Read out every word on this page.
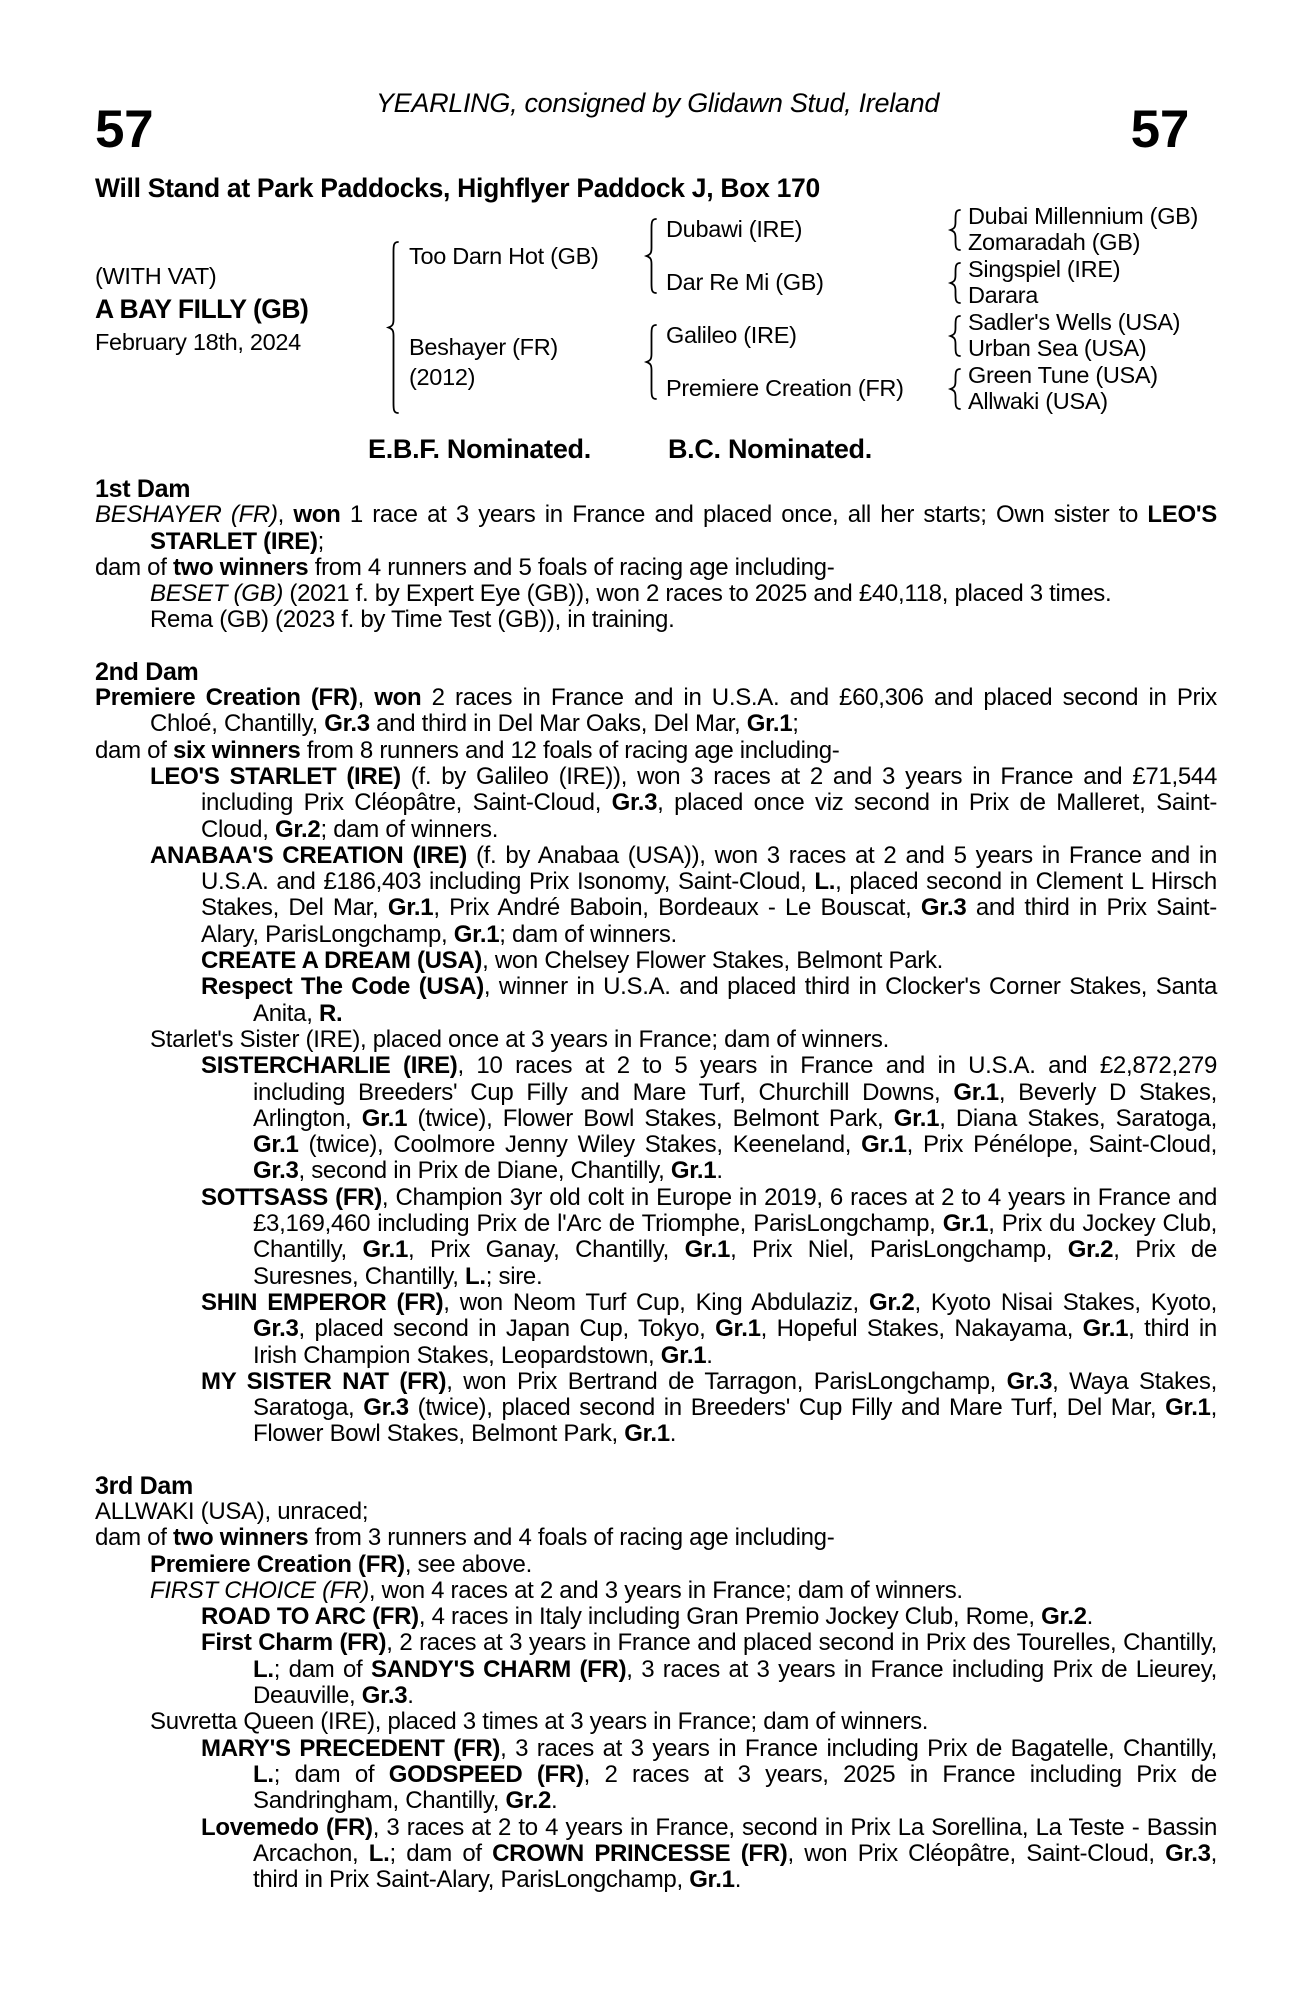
YEARLING, consigned by Glidawn Stud, Ireland
57	57
Will Stand at Park Paddocks, Highflyer Paddock J, Box 170
(WITH VAT)
A BAY FILLY (GB)
February 18th, 2024
Too Darn Hot (GB)
Beshayer (FR)
(2012)
Dubawi (IRE)
Dar Re Mi (GB)
Galileo (IRE)
Premiere Creation (FR)
Dubai Millennium (GB)
Zomaradah (GB)
Singspiel (IRE)
Darara
Sadler's Wells (USA)
Urban Sea (USA)
Green Tune (USA)
Allwaki (USA)
E.B.F. Nominated.	B.C. Nominated.
1st Dam
BESHAYER (FR), won 1 race at 3 years in France and placed once, all her starts; Own sister to LEO'S STARLET (IRE);
dam of two winners from 4 runners and 5 foals of racing age including-
BESET (GB) (2021 f. by Expert Eye (GB)), won 2 races to 2025 and £40,118, placed 3 times.
Rema (GB) (2023 f. by Time Test (GB)), in training.
2nd Dam
Premiere Creation (FR), won 2 races in France and in U.S.A. and £60,306 and placed second in Prix Chloé, Chantilly, Gr.3 and third in Del Mar Oaks, Del Mar, Gr.1;
dam of six winners from 8 runners and 12 foals of racing age including-
LEO'S STARLET (IRE) (f. by Galileo (IRE)), won 3 races at 2 and 3 years in France and £71,544 including Prix Cléopâtre, Saint-Cloud, Gr.3, placed once viz second in Prix de Malleret, Saint-Cloud, Gr.2; dam of winners.
ANABAA'S CREATION (IRE) (f. by Anabaa (USA)), won 3 races at 2 and 5 years in France and in U.S.A. and £186,403 including Prix Isonomy, Saint-Cloud, L., placed second in Clement L Hirsch Stakes, Del Mar, Gr.1, Prix André Baboin, Bordeaux - Le Bouscat, Gr.3 and third in Prix Saint-Alary, ParisLongchamp, Gr.1; dam of winners.
CREATE A DREAM (USA), won Chelsey Flower Stakes, Belmont Park.
Respect The Code (USA), winner in U.S.A. and placed third in Clocker's Corner Stakes, Santa Anita, R.
Starlet's Sister (IRE), placed once at 3 years in France; dam of winners.
SISTERCHARLIE (IRE), 10 races at 2 to 5 years in France and in U.S.A. and £2,872,279 including Breeders' Cup Filly and Mare Turf, Churchill Downs, Gr.1, Beverly D Stakes, Arlington, Gr.1 (twice), Flower Bowl Stakes, Belmont Park, Gr.1, Diana Stakes, Saratoga, Gr.1 (twice), Coolmore Jenny Wiley Stakes, Keeneland, Gr.1, Prix Pénélope, Saint-Cloud, Gr.3, second in Prix de Diane, Chantilly, Gr.1.
SOTTSASS (FR), Champion 3yr old colt in Europe in 2019, 6 races at 2 to 4 years in France and £3,169,460 including Prix de l'Arc de Triomphe, ParisLongchamp, Gr.1, Prix du Jockey Club, Chantilly, Gr.1, Prix Ganay, Chantilly, Gr.1, Prix Niel, ParisLongchamp, Gr.2, Prix de Suresnes, Chantilly, L.; sire.
SHIN EMPEROR (FR), won Neom Turf Cup, King Abdulaziz, Gr.2, Kyoto Nisai Stakes, Kyoto, Gr.3, placed second in Japan Cup, Tokyo, Gr.1, Hopeful Stakes, Nakayama, Gr.1, third in Irish Champion Stakes, Leopardstown, Gr.1.
MY SISTER NAT (FR), won Prix Bertrand de Tarragon, ParisLongchamp, Gr.3, Waya Stakes, Saratoga, Gr.3 (twice), placed second in Breeders' Cup Filly and Mare Turf, Del Mar, Gr.1, Flower Bowl Stakes, Belmont Park, Gr.1.
3rd Dam
ALLWAKI (USA), unraced;
dam of two winners from 3 runners and 4 foals of racing age including-
Premiere Creation (FR), see above.
FIRST CHOICE (FR), won 4 races at 2 and 3 years in France; dam of winners.
ROAD TO ARC (FR), 4 races in Italy including Gran Premio Jockey Club, Rome, Gr.2.
First Charm (FR), 2 races at 3 years in France and placed second in Prix des Tourelles, Chantilly, L.; dam of SANDY'S CHARM (FR), 3 races at 3 years in France including Prix de Lieurey, Deauville, Gr.3.
Suvretta Queen (IRE), placed 3 times at 3 years in France; dam of winners.
MARY'S PRECEDENT (FR), 3 races at 3 years in France including Prix de Bagatelle, Chantilly, L.; dam of GODSPEED (FR), 2 races at 3 years, 2025 in France including Prix de Sandringham, Chantilly, Gr.2.
Lovemedo (FR), 3 races at 2 to 4 years in France, second in Prix La Sorellina, La Teste - Bassin Arcachon, L.; dam of CROWN PRINCESSE (FR), won Prix Cléopâtre, Saint-Cloud, Gr.3, third in Prix Saint-Alary, ParisLongchamp, Gr.1.
